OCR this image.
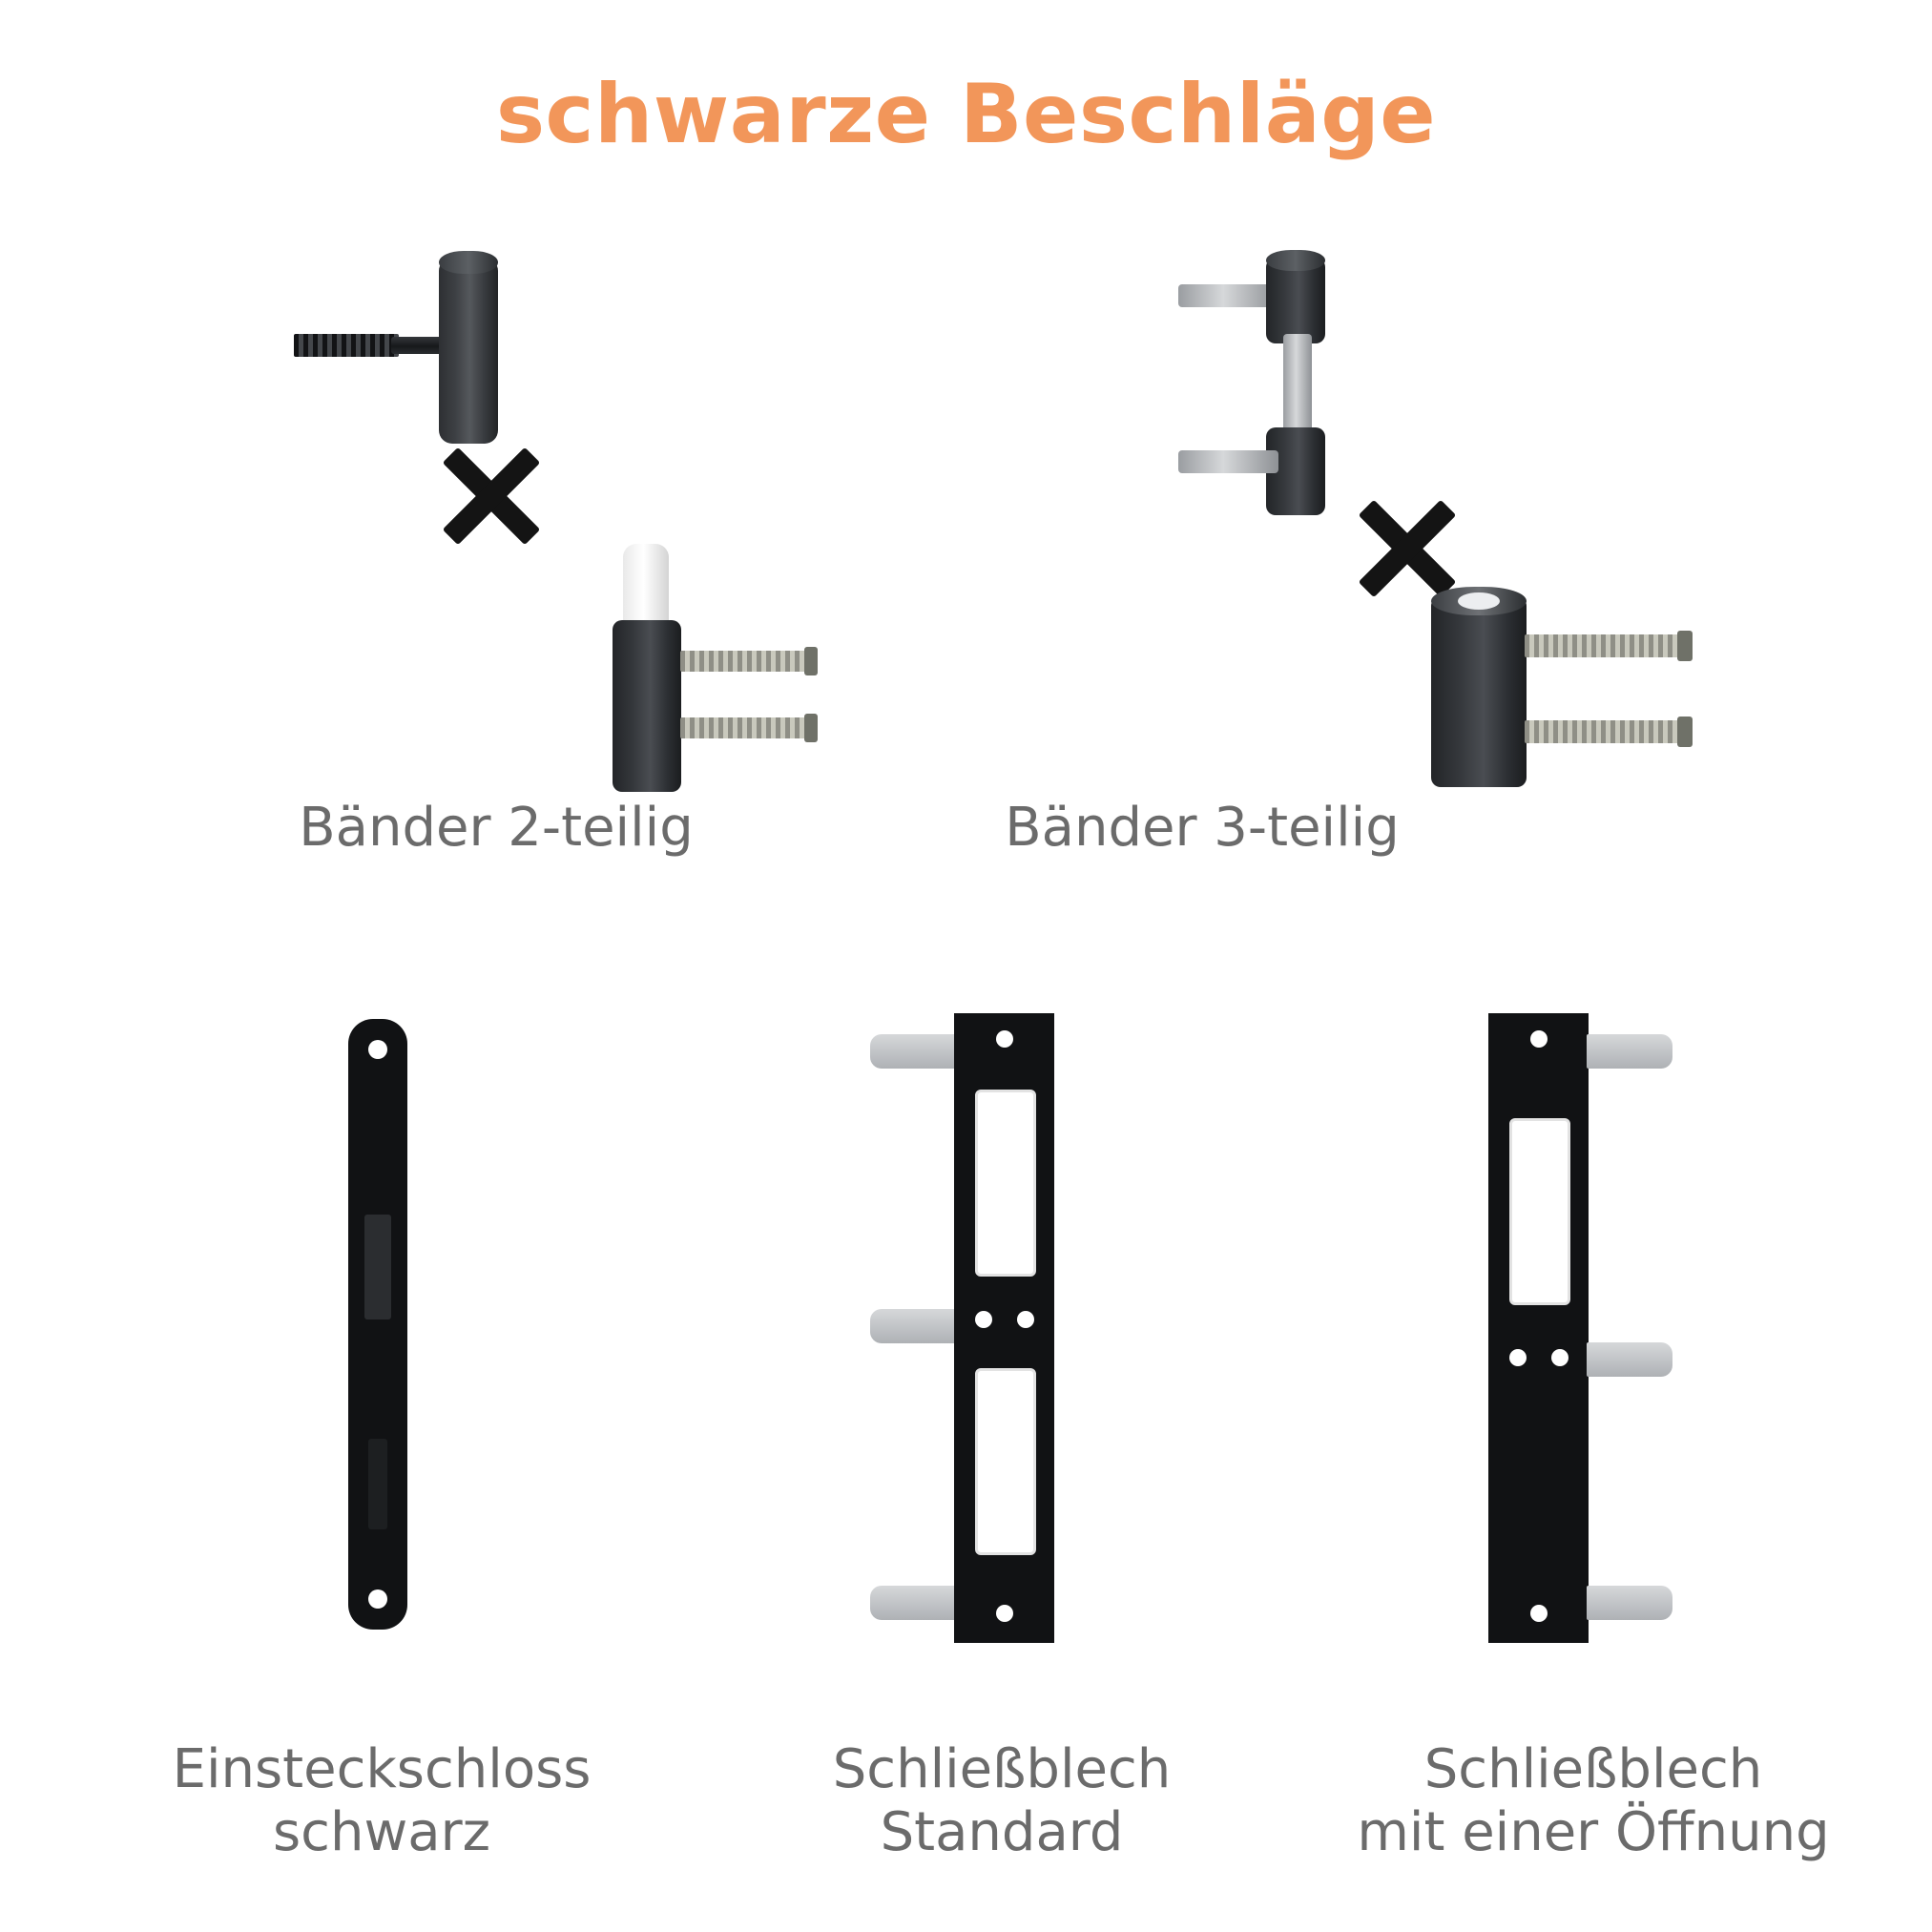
schwarze Beschläge
Bänder 2-teilig	Bänder 3-teilig
Einsteckschloss
schwarz
Schließblech
Standard
Schließblech
mit einer Öffnung
